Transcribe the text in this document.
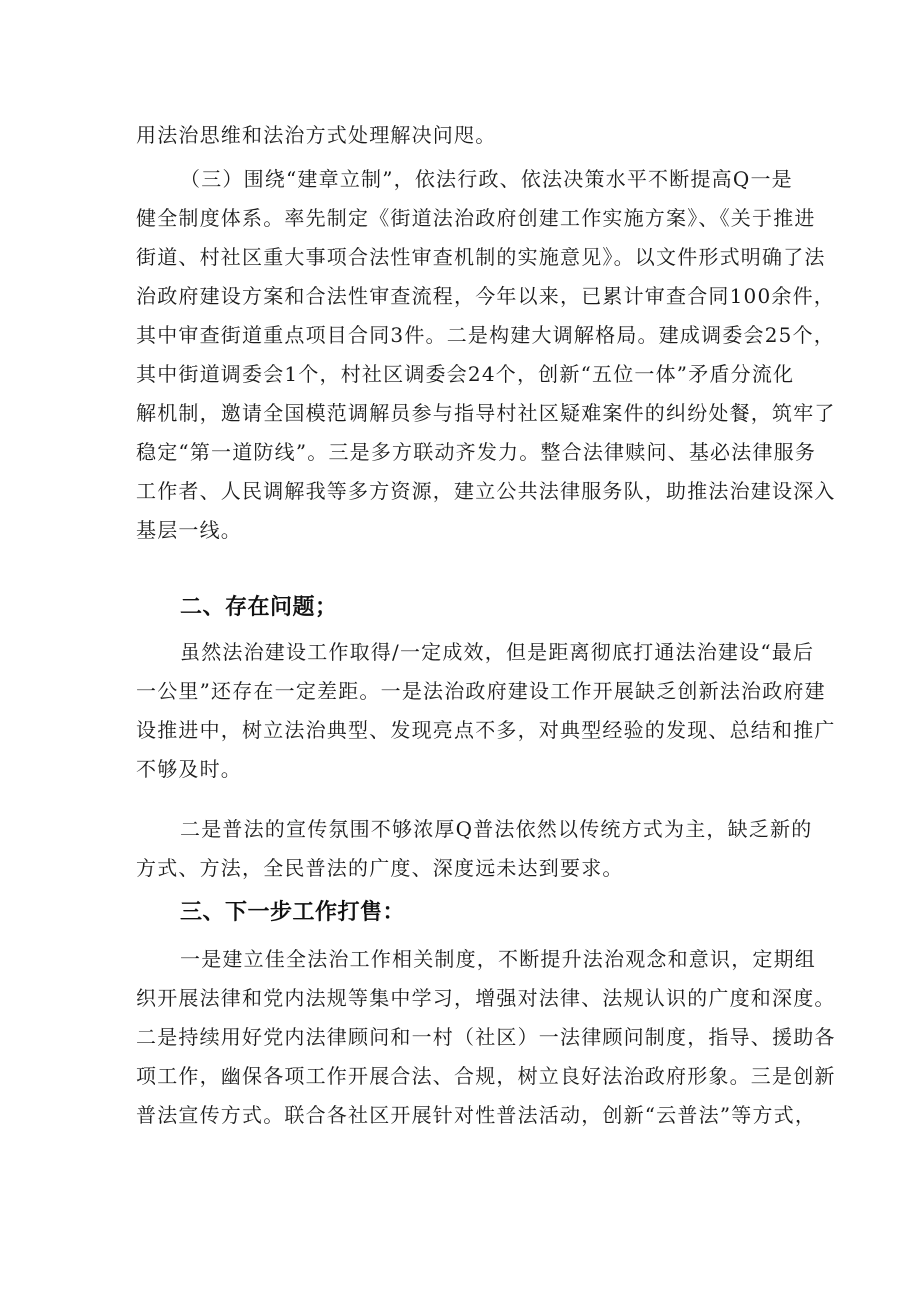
用法治思维和法治方式处理解决问咫。
（三）围绕“建章立制”，依法行政、依法决策水平不断提高Q一是
健全制度体系。率先制定《街道法治政府创建工作实施方案》、《关于推进
街道、村社区重大事项合法性审查机制的实施意见》。以文件形式明确了法
治政府建设方案和合法性审查流程，今年以来，已累计审查合同100余件，
其中审查街道重点项目合同3件。二是构建大调解格局。建成调委会25个，
其中街道调委会1个，村社区调委会24个，创新“五位一体”矛盾分流化
解机制，邀请全国模范调解员参与指导村社区疑难案件的纠纷处餐，筑牢了
稳定“第一道防线”。三是多方联动齐发力。整合法律赎问、基必法律服务
工作者、人民调解我等多方资源，建立公共法律服务队，助推法治建设深入
基层一线。
二、存在问题；
虽然法治建设工作取得/一定成效，但是距离彻底打通法治建设“最后
一公里”还存在一定差距。一是法治政府建设工作开展缺乏创新法治政府建
设推进中，树立法治典型、发现亮点不多，对典型经验的发现、总结和推广
不够及时。
二是普法的宣传氛围不够浓厚Q普法依然以传统方式为主，缺乏新的
方式、方法，全民普法的广度、深度远未达到要求。
三、下一步工作打售：
一是建立佳全法治工作相关制度，不断提升法治观念和意识，定期组
织开展法律和党内法规等集中学习，增强对法律、法规认识的广度和深度。
二是持续用好党内法律顾问和一村（社区）一法律顾问制度，指导、援助各
项工作，幽保各项工作开展合法、合规，树立良好法治政府形象。三是创新
普法宣传方式。联合各社区开展针对性普法活动，创新“云普法”等方式，
